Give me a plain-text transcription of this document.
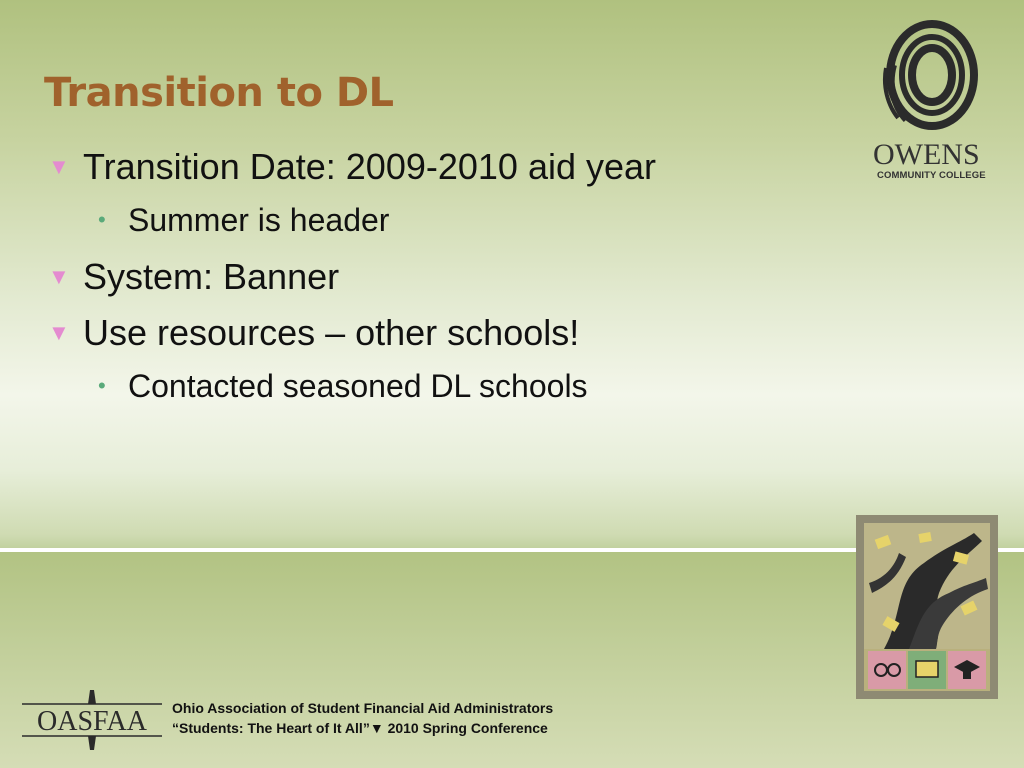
Transition to DL
▼ Transition Date: 2009-2010 aid year
• Summer is header
▼ System: Banner
▼ Use resources – other schools!
• Contacted seasoned DL schools
OWENS
COMMUNITY COLLEGE
OASFAA Ohio Association of Student Financial Aid Administrators
“Students: The Heart of It All”▼ 2010 Spring Conference
